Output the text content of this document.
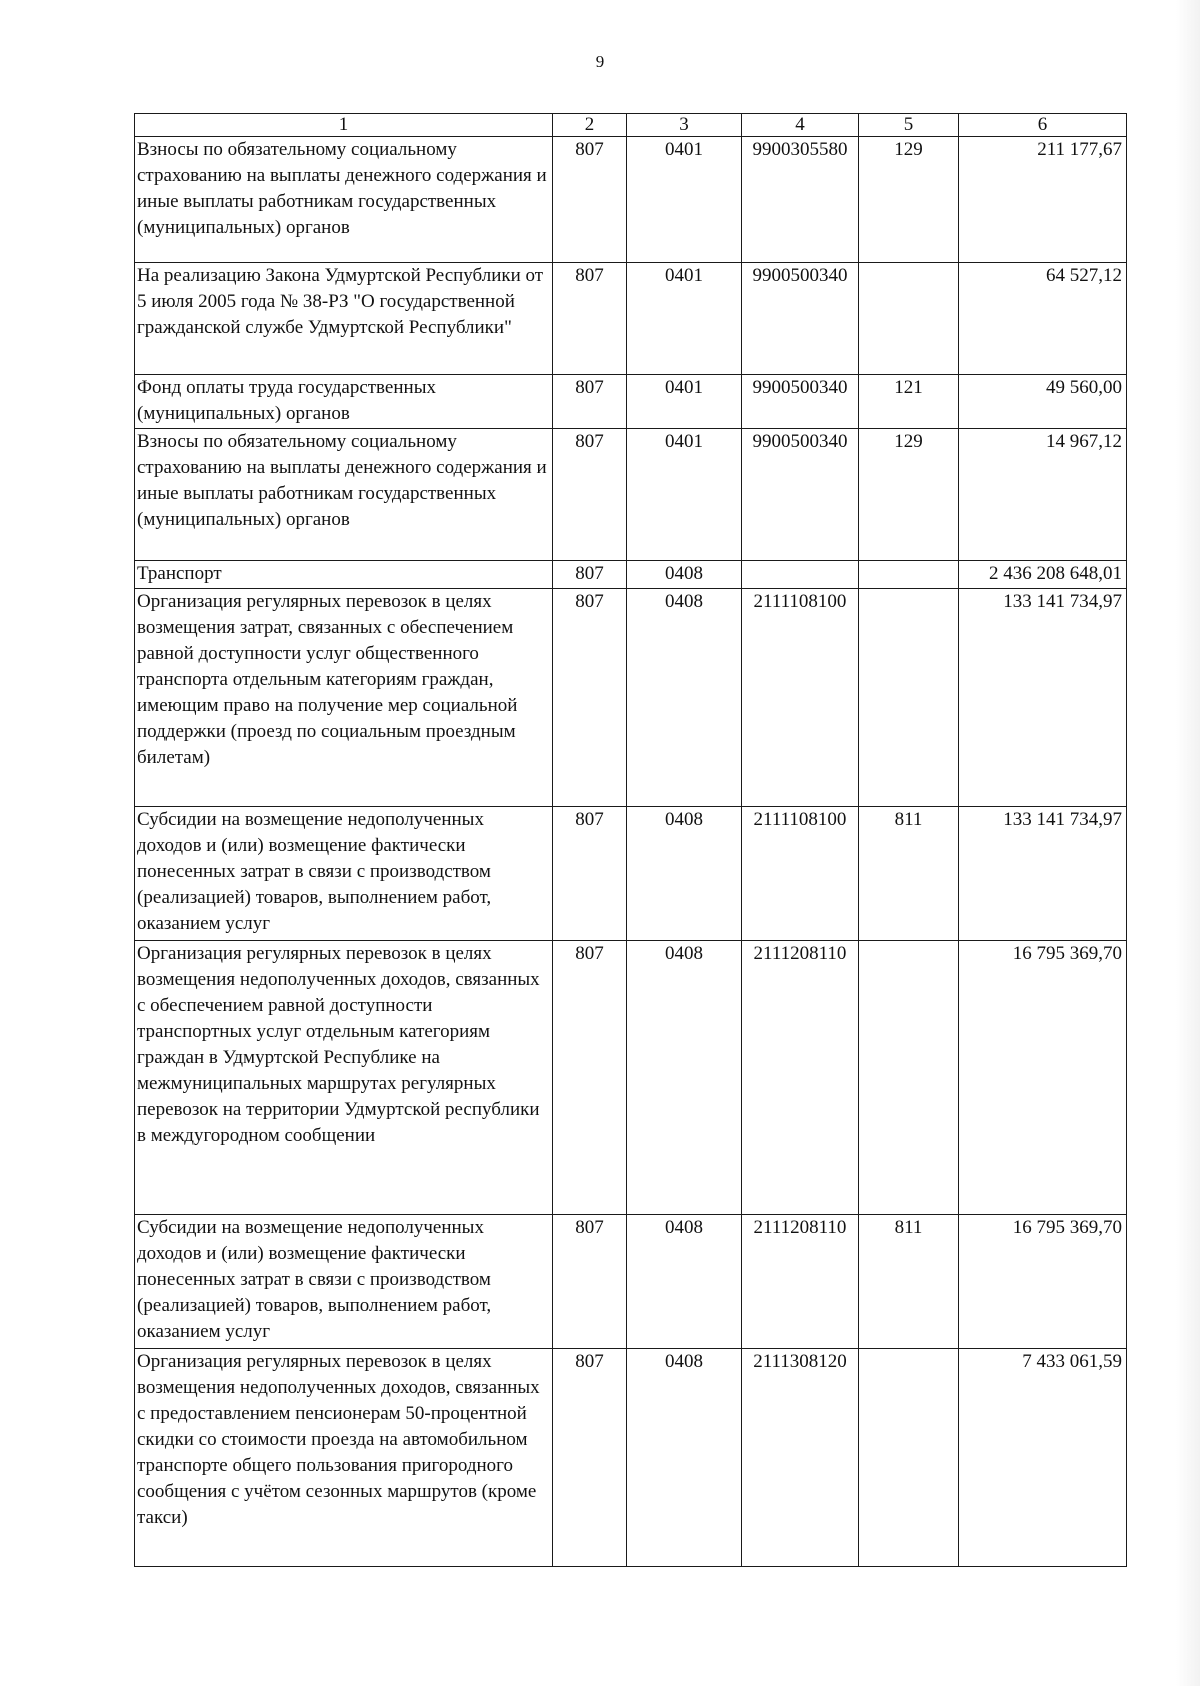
9
1	2	3	4	5	6
Взносы по обязательному социальному страхованию на выплаты денежного содержания и иные выплаты работникам государственных (муниципальных) органов	807	0401	9900305580	129	211 177,67
На реализацию Закона Удмуртской Республики от 5 июля 2005 года № 38-РЗ "О государственной гражданской службе Удмуртской Республики"	807	0401	9900500340		64 527,12
Фонд оплаты труда государственных (муниципальных) органов	807	0401	9900500340	121	49 560,00
Взносы по обязательному социальному страхованию на выплаты денежного содержания и иные выплаты работникам государственных (муниципальных) органов	807	0401	9900500340	129	14 967,12
Транспорт	807	0408			2 436 208 648,01
Организация регулярных перевозок в целях возмещения затрат, связанных с обеспечением равной доступности услуг общественного транспорта отдельным категориям граждан, имеющим право на получение мер социальной поддержки (проезд по социальным проездным билетам)	807	0408	2111108100		133 141 734,97
Субсидии на возмещение недополученных доходов и (или) возмещение фактически понесенных затрат в связи с производством (реализацией) товаров, выполнением работ, оказанием услуг	807	0408	2111108100	811	133 141 734,97
Организация регулярных перевозок в целях возмещения недополученных доходов, связанных с обеспечением равной доступности транспортных услуг отдельным категориям граждан в Удмуртской Республике на межмуниципальных маршрутах регулярных перевозок на территории Удмуртской республики в междугородном сообщении	807	0408	2111208110		16 795 369,70
Субсидии на возмещение недополученных доходов и (или) возмещение фактически понесенных затрат в связи с производством (реализацией) товаров, выполнением работ, оказанием услуг	807	0408	2111208110	811	16 795 369,70
Организация регулярных перевозок в целях возмещения недополученных доходов, связанных с предоставлением пенсионерам 50-процентной скидки со стоимости проезда на автомобильном транспорте общего пользования пригородного сообщения с учётом сезонных маршрутов (кроме такси)	807	0408	2111308120		7 433 061,59
